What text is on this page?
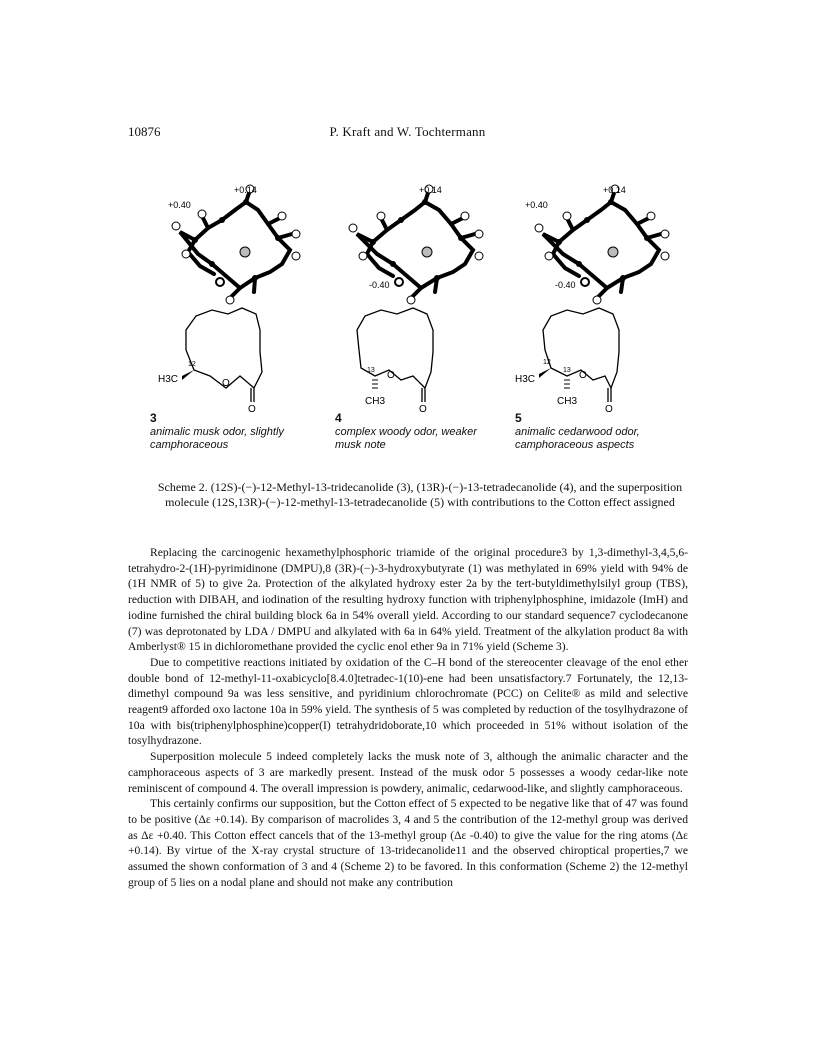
10876	P. Kraft and W. Tochtermann
+0.40
+0.14
12
H3C	O
O
3
animalic musk odor, slightly camphoraceous
+0.14
-0.40
13
CH3
O
O
4
complex woody odor, weaker musk note
+0.40
+0.14
-0.40
12
13
H3C
CH3
O
O
5
animalic cedarwood odor, camphoraceous aspects
Scheme 2. (12S)-(−)-12-Methyl-13-tridecanolide (3), (13R)-(−)-13-tetradecanolide (4), and the superposition molecule (12S,13R)-(−)-12-methyl-13-tetradecanolide (5) with contributions to the Cotton effect assigned

Replacing the carcinogenic hexamethylphosphoric triamide of the original procedure3 by 1,3-dimethyl-3,4,5,6-tetrahydro-2-(1H)-pyrimidinone (DMPU),8 (3R)-(−)-3-hydroxybutyrate (1) was methylated in 69% yield with 94% de (1H NMR of 5) to give 2a. Protection of the alkylated hydroxy ester 2a by the tert-butyldimethylsilyl group (TBS), reduction with DIBAH, and iodination of the resulting hydroxy function with triphenylphosphine, imidazole (ImH) and iodine furnished the chiral building block 6a in 54% overall yield. According to our standard sequence7 cyclodecanone (7) was deprotonated by LDA / DMPU and alkylated with 6a in 64% yield. Treatment of the alkylation product 8a with Amberlyst® 15 in dichloromethane provided the cyclic enol ether 9a in 71% yield (Scheme 3).

Due to competitive reactions initiated by oxidation of the C–H bond of the stereocenter cleavage of the enol ether double bond of 12-methyl-11-oxabicyclo[8.4.0]tetradec-1(10)-ene had been unsatisfactory.7 Fortunately, the 12,13-dimethyl compound 9a was less sensitive, and pyridinium chlorochromate (PCC) on Celite® as mild and selective reagent9 afforded oxo lactone 10a in 59% yield. The synthesis of 5 was completed by reduction of the tosylhydrazone of 10a with bis(triphenylphosphine)copper(I) tetrahydridoborate,10 which proceeded in 51% without isolation of the tosylhydrazone.

Superposition molecule 5 indeed completely lacks the musk note of 3, although the animalic character and the camphoraceous aspects of 3 are markedly present. Instead of the musk odor 5 possesses a woody cedar-like note reminiscent of compound 4. The overall impression is powdery, animalic, cedarwood-like, and slightly camphoraceous.

This certainly confirms our supposition, but the Cotton effect of 5 expected to be negative like that of 47 was found to be positive (Δε +0.14). By comparison of macrolides 3, 4 and 5 the contribution of the 12-methyl group was derived as Δε +0.40. This Cotton effect cancels that of the 13-methyl group (Δε -0.40) to give the value for the ring atoms (Δε +0.14). By virtue of the X-ray crystal structure of 13-tridecanolide11 and the observed chiroptical properties,7 we assumed the shown conformation of 3 and 4 (Scheme 2) to be favored. In this conformation (Scheme 2) the 12-methyl group of 5 lies on a nodal plane and should not make any contribution
